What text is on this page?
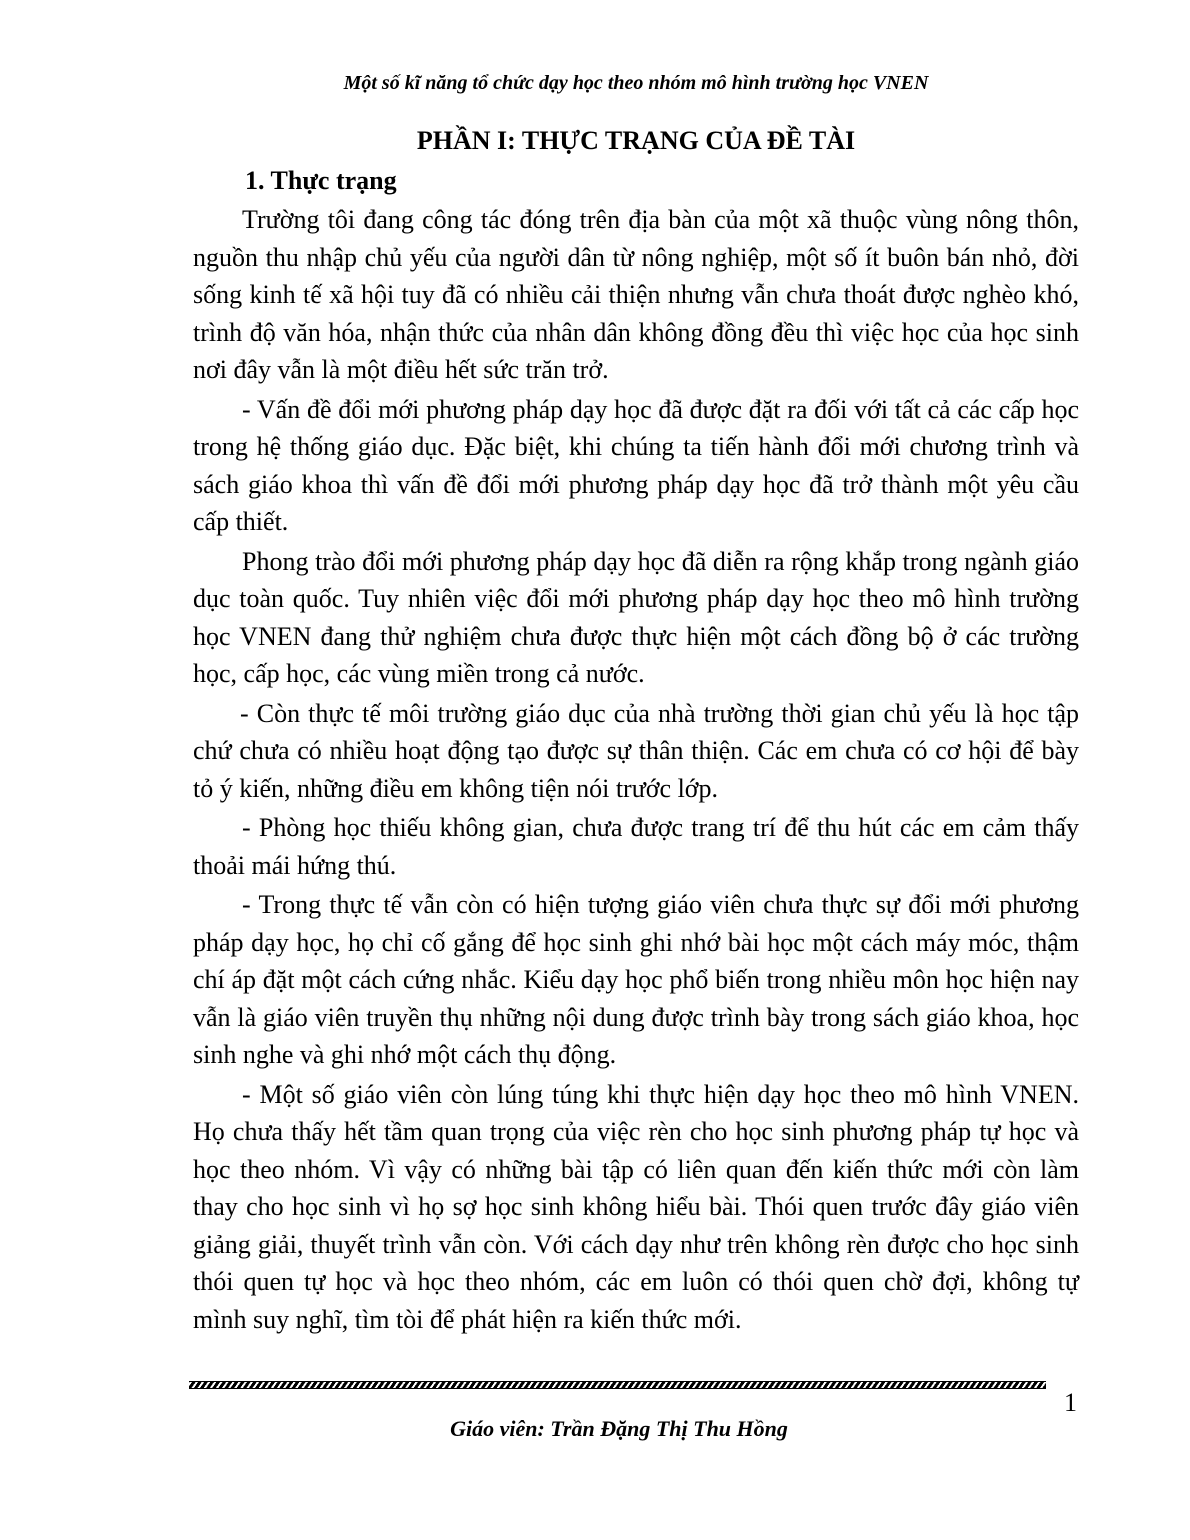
Một số kĩ năng tổ chức dạy học theo nhóm mô hình trường học VNEN
PHẦN I: THỰC TRẠNG CỦA ĐỀ TÀI
1. Thực trạng

Trường tôi đang công tác đóng trên địa bàn của một xã thuộc vùng nông thôn, nguồn thu nhập chủ yếu của người dân từ nông nghiệp, một số ít buôn bán nhỏ, đời sống kinh tế xã hội tuy đã có nhiều cải thiện nhưng vẫn chưa thoát được nghèo khó, trình độ văn hóa, nhận thức của nhân dân không đồng đều thì việc học của học sinh nơi đây vẫn là một điều hết sức trăn trở.

- Vấn đề đổi mới phương pháp dạy học đã được đặt ra đối với tất cả các cấp học trong hệ thống giáo dục. Đặc biệt, khi chúng ta tiến hành đổi mới chương trình và sách giáo khoa thì vấn đề đổi mới phương pháp dạy học đã trở thành một yêu cầu cấp thiết.

Phong trào đổi mới phương pháp dạy học đã diễn ra rộng khắp trong ngành giáo dục toàn quốc. Tuy nhiên việc đổi mới phương pháp dạy học theo mô hình trường học VNEN đang thử nghiệm chưa được thực hiện một cách đồng bộ ở các trường học, cấp học, các vùng miền trong cả nước.

- Còn thực tế môi trường giáo dục của nhà trường thời gian chủ yếu là học tập chứ chưa có nhiều hoạt động tạo được sự thân thiện. Các em chưa có cơ hội để bày tỏ ý kiến, những điều em không tiện nói trước lớp.

- Phòng học thiếu không gian, chưa được trang trí để thu hút các em cảm thấy thoải mái hứng thú.

- Trong thực tế vẫn còn có hiện tượng giáo viên chưa thực sự đổi mới phương pháp dạy học, họ chỉ cố gắng để học sinh ghi nhớ bài học một cách máy móc, thậm chí áp đặt một cách cứng nhắc. Kiểu dạy học phổ biến trong nhiều môn học hiện nay vẫn là giáo viên truyền thụ những nội dung được trình bày trong sách giáo khoa, học sinh nghe và ghi nhớ một cách thụ động.

- Một số giáo viên còn lúng túng khi thực hiện dạy học theo mô hình VNEN. Họ chưa thấy hết tầm quan trọng của việc rèn cho học sinh phương pháp tự học và học theo nhóm. Vì vậy có những bài tập có liên quan đến kiến thức mới còn làm thay cho học sinh vì họ sợ học sinh không hiểu bài. Thói quen trước đây giáo viên giảng giải, thuyết trình vẫn còn. Với cách dạy như trên không rèn được cho học sinh thói quen tự học và học theo nhóm, các em luôn có thói quen chờ đợi, không tự mình suy nghĩ, tìm tòi để phát hiện ra kiến thức mới.

1
Giáo viên: Trần Đặng Thị Thu Hồng
